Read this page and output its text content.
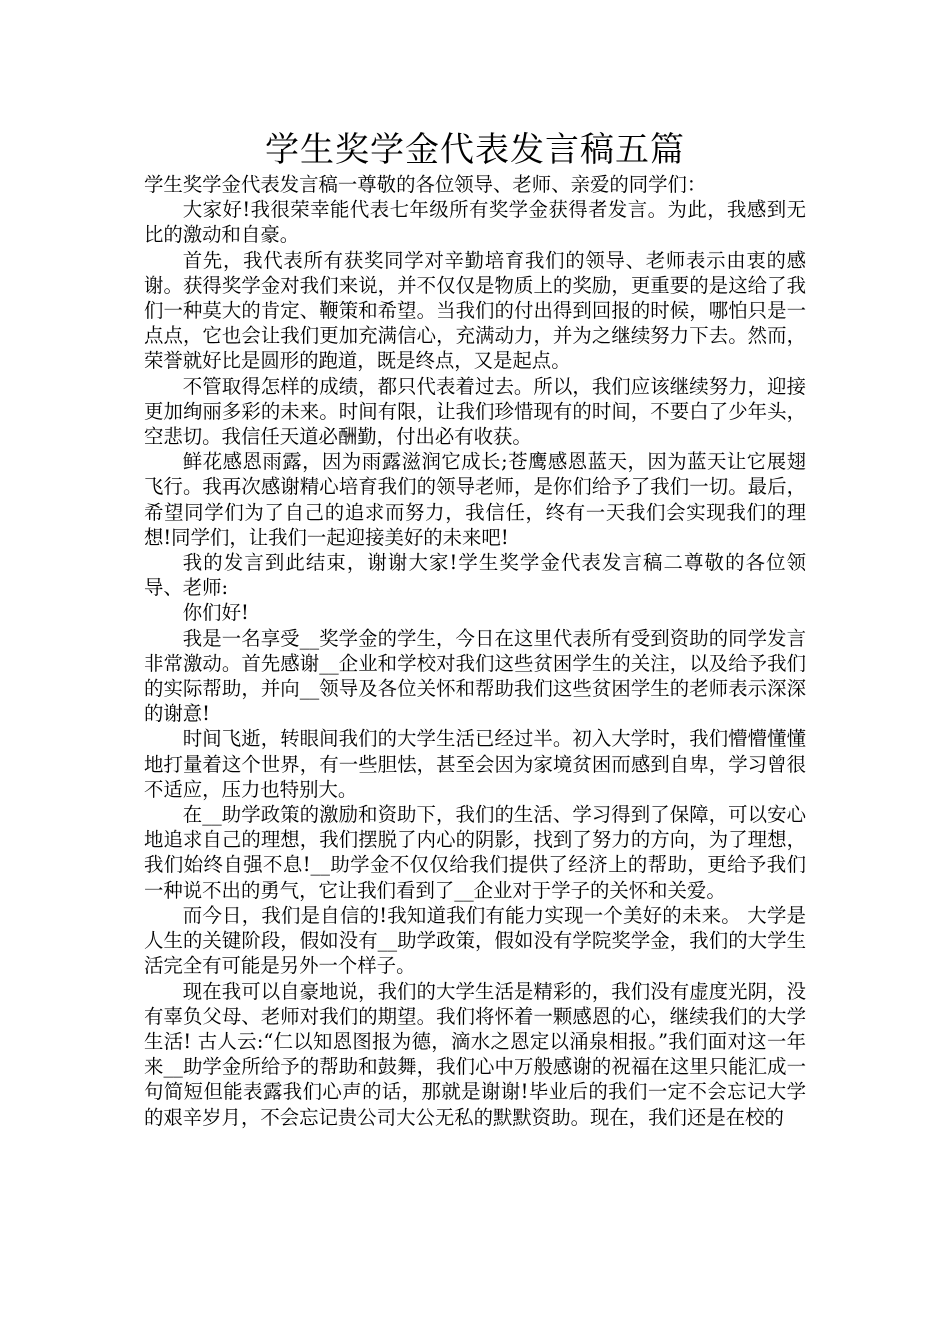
学生奖学金代表发言稿五篇

学生奖学金代表发言稿一尊敬的各位领导、老师、亲爱的同学们：

大家好!我很荣幸能代表七年级所有奖学金获得者发言。为此，我感到无比的激动和自豪。

首先，我代表所有获奖同学对辛勤培育我们的领导、老师表示由衷的感谢。获得奖学金对我们来说，并不仅仅是物质上的奖励，更重要的是这给了我们一种莫大的肯定、鞭策和希望。当我们的付出得到回报的时候，哪怕只是一点点，它也会让我们更加充满信心，充满动力，并为之继续努力下去。然而，荣誉就好比是圆形的跑道，既是终点，又是起点。

不管取得怎样的成绩，都只代表着过去。所以，我们应该继续努力，迎接更加绚丽多彩的未来。时间有限，让我们珍惜现有的时间，不要白了少年头，空悲切。我信任天道必酬勤，付出必有收获。

鲜花感恩雨露，因为雨露滋润它成长;苍鹰感恩蓝天，因为蓝天让它展翅飞行。我再次感谢精心培育我们的领导老师，是你们给予了我们一切。最后，希望同学们为了自己的追求而努力，我信任，终有一天我们会实现我们的理想!同学们，让我们一起迎接美好的未来吧!

我的发言到此结束，谢谢大家!学生奖学金代表发言稿二尊敬的各位领导、老师:

你们好!

我是一名享受__奖学金的学生，今日在这里代表所有受到资助的同学发言非常激动。首先感谢__企业和学校对我们这些贫困学生的关注，以及给予我们的实际帮助，并向__领导及各位关怀和帮助我们这些贫困学生的老师表示深深的谢意!

时间飞逝，转眼间我们的大学生活已经过半。初入大学时，我们懵懵懂懂地打量着这个世界，有一些胆怯，甚至会因为家境贫困而感到自卑，学习曾很不适应，压力也特别大。

在__助学政策的激励和资助下，我们的生活、学习得到了保障，可以安心地追求自己的理想，我们摆脱了内心的阴影，找到了努力的方向，为了理想，我们始终自强不息!__助学金不仅仅给我们提供了经济上的帮助，更给予我们一种说不出的勇气，它让我们看到了__企业对于学子的关怀和关爱。

而今日，我们是自信的!我知道我们有能力实现一个美好的未来。 大学是人生的关键阶段，假如没有__助学政策，假如没有学院奖学金，我们的大学生活完全有可能是另外一个样子。

现在我可以自豪地说，我们的大学生活是精彩的，我们没有虚度光阴，没有辜负父母、老师对我们的期望。我们将怀着一颗感恩的心，继续我们的大学生活! 古人云:“仁以知恩图报为德，滴水之恩定以涌泉相报。”我们面对这一年来__助学金所给予的帮助和鼓舞，我们心中万般感谢的祝福在这里只能汇成一句简短但能表露我们心声的话，那就是谢谢!毕业后的我们一定不会忘记大学的艰辛岁月，不会忘记贵公司大公无私的默默资助。现在，我们还是在校的
